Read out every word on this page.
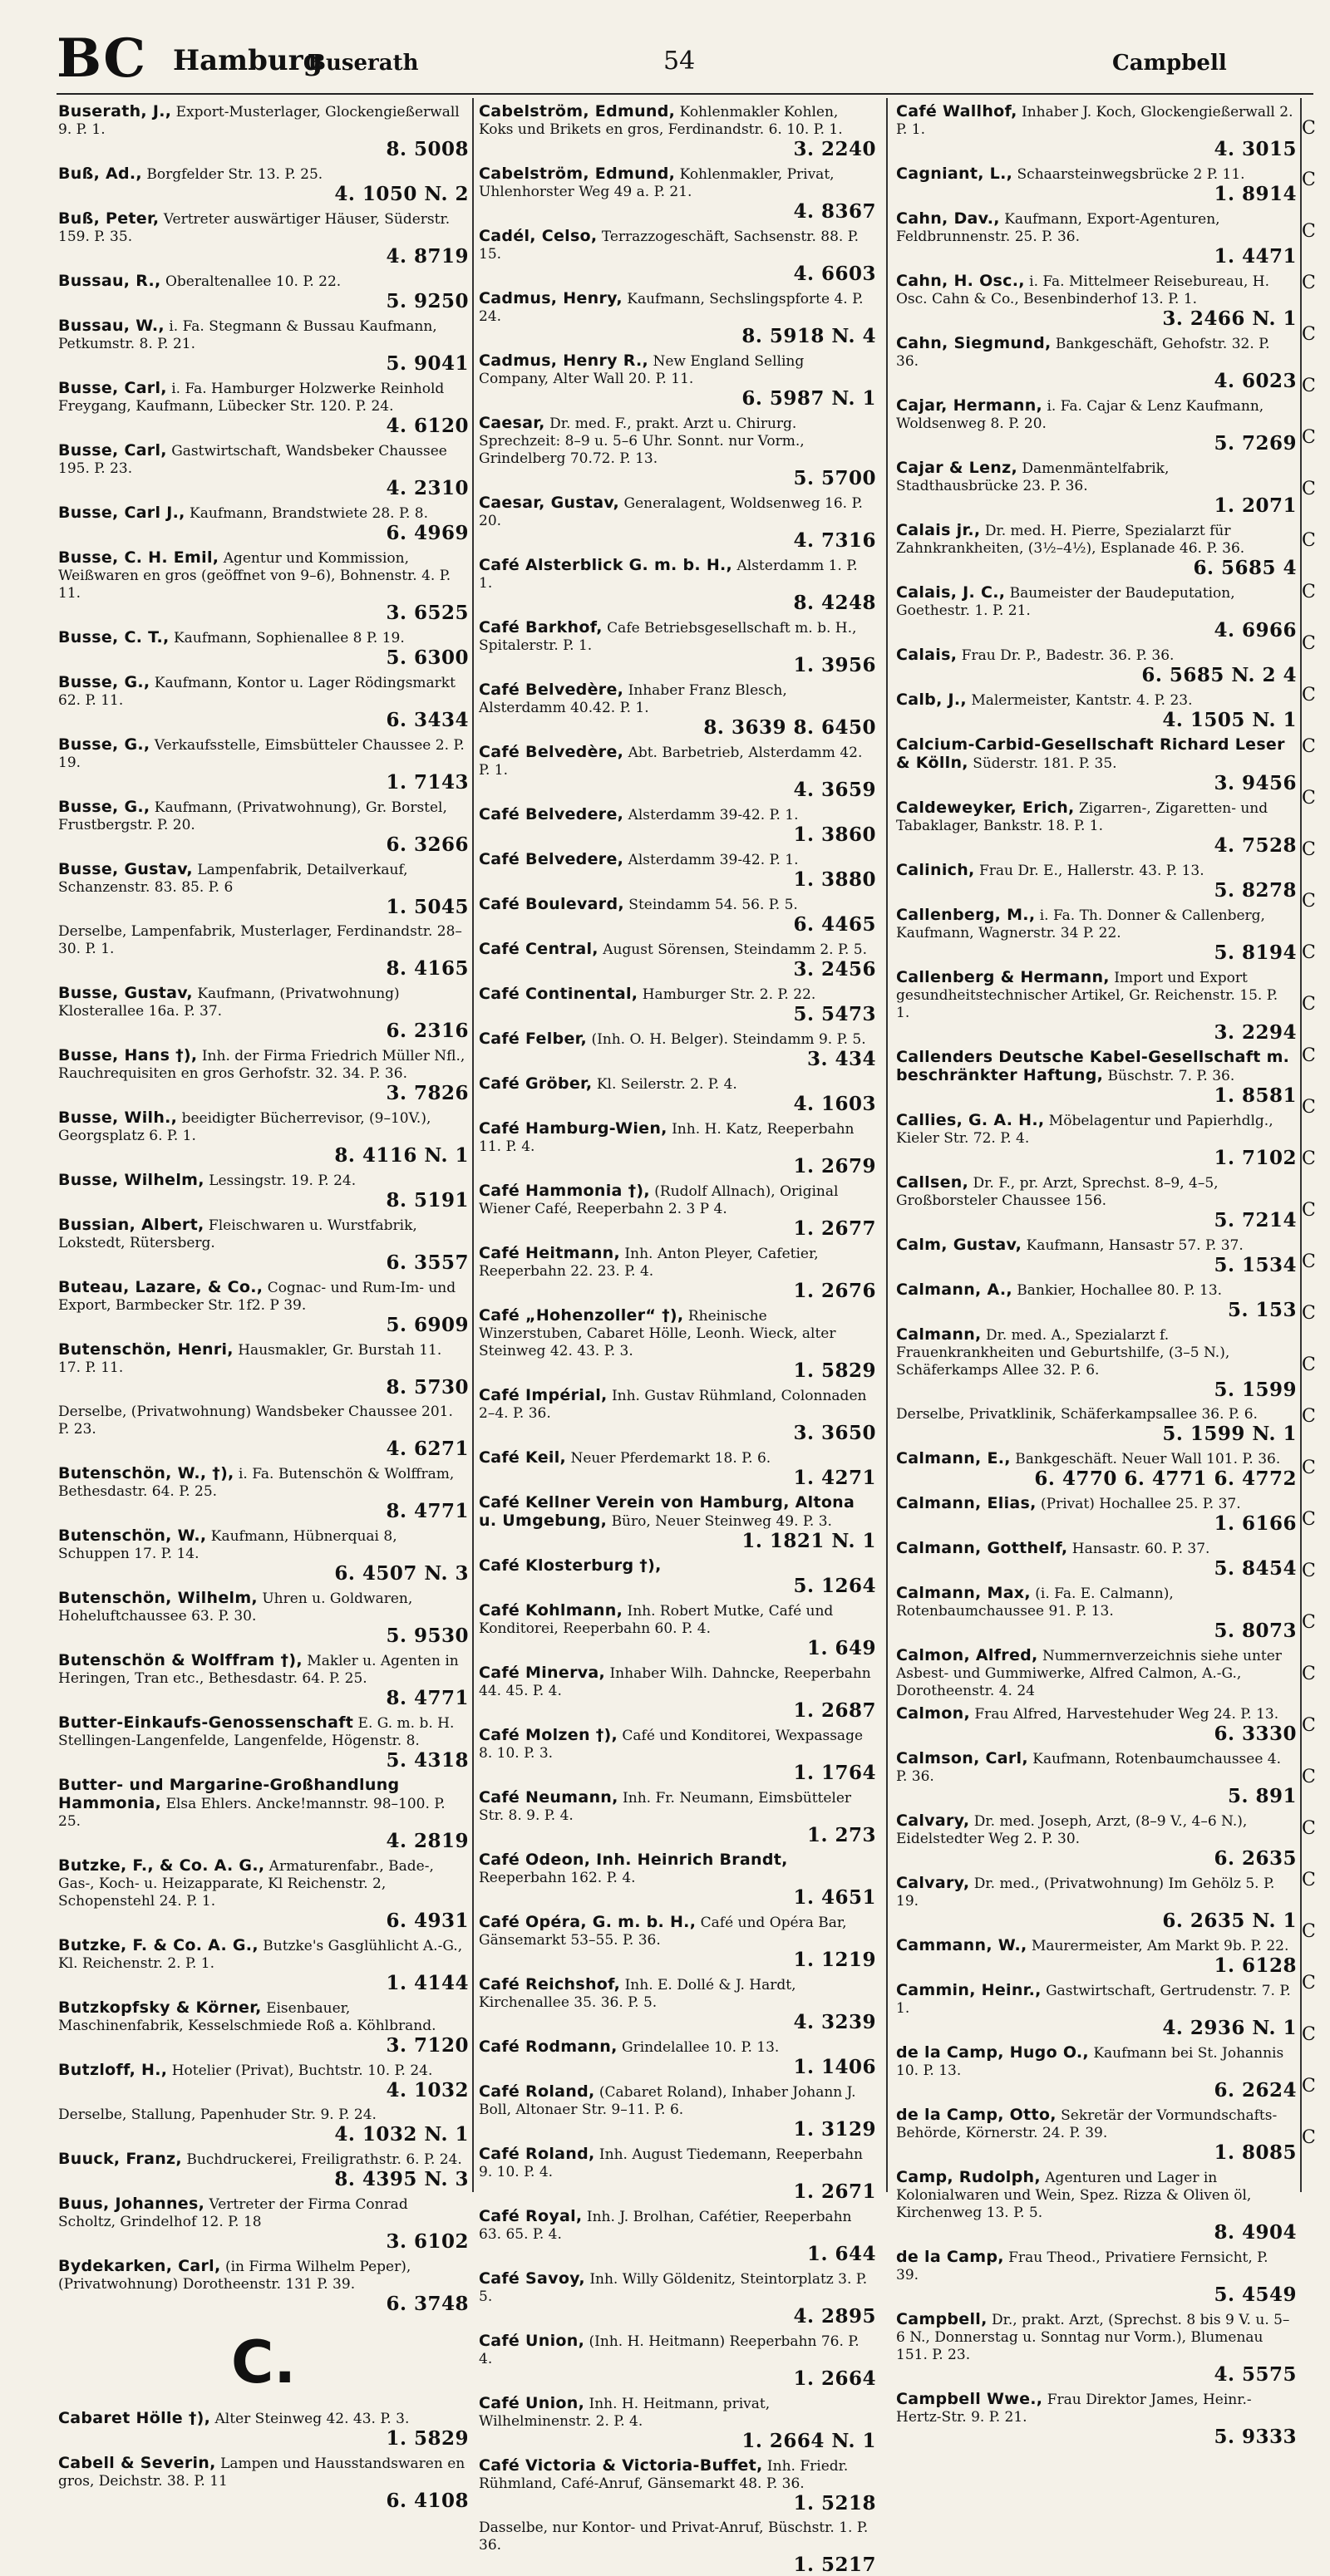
BC Hamburg
Buserath	54	Campbell
Buserath, J., Export-Musterlager, Glockengießerwall 9. P. 1.
8. 5008
Buß, Ad., Borgfelder Str. 13. P. 25.
4. 1050 N. 2
Buß, Peter, Vertreter auswärtiger Häuser, Süderstr. 159. P. 35.
4. 8719
Bussau, R., Oberaltenallee 10. P. 22.
5. 9250
Bussau, W., i. Fa. Stegmann & Bussau Kaufmann, Petkumstr. 8. P. 21.
5. 9041
Busse, Carl, i. Fa. Hamburger Holzwerke Reinhold Freygang, Kaufmann, Lübecker Str. 120. P. 24.
4. 6120
Busse, Carl, Gastwirtschaft, Wandsbeker Chaussee 195. P. 23.
4. 2310
Busse, Carl J., Kaufmann, Brandstwiete 28. P. 8.
6. 4969
Busse, C. H. Emil, Agentur und Kommission, Weißwaren en gros (geöffnet von 9–6), Bohnenstr. 4. P. 11.
3. 6525
Busse, C. T., Kaufmann, Sophienallee 8 P. 19.
5. 6300
Busse, G., Kaufmann, Kontor u. Lager Rödingsmarkt 62. P. 11.
6. 3434
Busse, G., Verkaufsstelle, Eimsbütteler Chaussee 2. P. 19.
1. 7143
Busse, G., Kaufmann, (Privatwohnung), Gr. Borstel, Frustbergstr. P. 20.
6. 3266
Busse, Gustav, Lampenfabrik, Detailverkauf, Schanzenstr. 83. 85. P. 6
1. 5045
Derselbe, Lampenfabrik, Musterlager, Ferdinandstr. 28–30. P. 1.
8. 4165
Busse, Gustav, Kaufmann, (Privatwohnung) Klosterallee 16a. P. 37.
6. 2316
Busse, Hans †), Inh. der Firma Friedrich Müller Nfl., Rauchrequisiten en gros Gerhofstr. 32. 34. P. 36.
3. 7826
Busse, Wilh., beeidigter Bücherrevisor, (9–10V.), Georgsplatz 6. P. 1.
8. 4116 N. 1
Busse, Wilhelm, Lessingstr. 19. P. 24.
8. 5191
Bussian, Albert, Fleischwaren u. Wurstfabrik, Lokstedt, Rütersberg.
6. 3557
Buteau, Lazare, & Co., Cognac- und Rum-Im- und Export, Barmbecker Str. 1f2. P 39.
5. 6909
Butenschön, Henri, Hausmakler, Gr. Burstah 11. 17. P. 11.
8. 5730
Derselbe, (Privatwohnung) Wandsbeker Chaussee 201. P. 23.
4. 6271
Butenschön, W., †), i. Fa. Butenschön & Wolffram, Bethesdastr. 64. P. 25.
8. 4771
Butenschön, W., Kaufmann, Hübnerquai 8, Schuppen 17. P. 14.
6. 4507 N. 3
Butenschön, Wilhelm, Uhren u. Goldwaren, Hoheluftchaussee 63. P. 30.
5. 9530
Butenschön & Wolffram †), Makler u. Agenten in Heringen, Tran etc., Bethesdastr. 64. P. 25.
8. 4771
Butter-Einkaufs-Genossenschaft E. G. m. b. H. Stellingen-Langenfelde, Langenfelde, Högenstr. 8.
5. 4318
Butter- und Margarine-Großhandlung Hammonia, Elsa Ehlers. Ancke!mannstr. 98–100. P. 25.
4. 2819
Butzke, F., & Co. A. G., Armaturenfabr., Bade-, Gas-, Koch- u. Heizapparate, Kl Reichenstr. 2, Schopenstehl 24. P. 1.
6. 4931
Butzke, F. & Co. A. G., Butzke's Gasglühlicht A.-G., Kl. Reichenstr. 2. P. 1.
1. 4144
Butzkopfsky & Körner, Eisenbauer, Maschinenfabrik, Kesselschmiede Roß a. Köhlbrand.
3. 7120
Butzloff, H., Hotelier (Privat), Buchtstr. 10. P. 24.
4. 1032
Derselbe, Stallung, Papenhuder Str. 9. P. 24.
4. 1032 N. 1
Buuck, Franz, Buchdruckerei, Freiligrathstr. 6. P. 24.
8. 4395 N. 3
Buus, Johannes, Vertreter der Firma Conrad Scholtz, Grindelhof 12. P. 18
3. 6102
Bydekarken, Carl, (in Firma Wilhelm Peper), (Privatwohnung) Dorotheenstr. 131 P. 39.
6. 3748
C.
Cabaret Hölle †), Alter Steinweg 42. 43. P. 3.
1. 5829
Cabell & Severin, Lampen und Hausstandswaren en gros, Deichstr. 38. P. 11
6. 4108
Cabelström, Edmund, Kohlenmakler Kohlen, Koks und Brikets en gros, Ferdinandstr. 6. 10. P. 1.
3. 2240
Cabelström, Edmund, Kohlenmakler, Privat, Uhlenhorster Weg 49 a. P. 21.
4. 8367
Cadél, Celso, Terrazzogeschäft, Sachsenstr. 88. P. 15.
4. 6603
Cadmus, Henry, Kaufmann, Sechslingspforte 4. P. 24.
8. 5918 N. 4
Cadmus, Henry R., New England Selling Company, Alter Wall 20. P. 11.
6. 5987 N. 1
Caesar, Dr. med. F., prakt. Arzt u. Chirurg. Sprechzeit: 8–9 u. 5–6 Uhr. Sonnt. nur Vorm., Grindelberg 70.72. P. 13.
5. 5700
Caesar, Gustav, Generalagent, Woldsenweg 16. P. 20.
4. 7316
Café Alsterblick G. m. b. H., Alsterdamm 1. P. 1.
8. 4248
Café Barkhof, Cafe Betriebsgesellschaft m. b. H., Spitalerstr. P. 1.
1. 3956
Café Belvedère, Inhaber Franz Blesch, Alsterdamm 40.42. P. 1.
8. 3639 8. 6450
Café Belvedère, Abt. Barbetrieb, Alsterdamm 42. P. 1.
4. 3659
Café Belvedere, Alsterdamm 39-42. P. 1.
1. 3860
Café Belvedere, Alsterdamm 39-42. P. 1.
1. 3880
Café Boulevard, Steindamm 54. 56. P. 5.
6. 4465
Café Central, August Sörensen, Steindamm 2. P. 5.
3. 2456
Café Continental, Hamburger Str. 2. P. 22.
5. 5473
Café Felber, (Inh. O. H. Belger). Steindamm 9. P. 5.
3. 434
Café Gröber, Kl. Seilerstr. 2. P. 4.
4. 1603
Café Hamburg-Wien, Inh. H. Katz, Reeperbahn 11. P. 4.
1. 2679
Café Hammonia †), (Rudolf Allnach), Original Wiener Café, Reeperbahn 2. 3 P 4.
1. 2677
Café Heitmann, Inh. Anton Pleyer, Cafetier, Reeperbahn 22. 23. P. 4.
1. 2676
Café „Hohenzoller“ †), Rheinische Winzerstuben, Cabaret Hölle, Leonh. Wieck, alter Steinweg 42. 43. P. 3.
1. 5829
Café Impérial, Inh. Gustav Rühmland, Colonnaden 2–4. P. 36.
3. 3650
Café Keil, Neuer Pferdemarkt 18. P. 6.
1. 4271
Café Kellner Verein von Hamburg, Altona u. Umgebung, Büro, Neuer Steinweg 49. P. 3.
1. 1821 N. 1
Café Klosterburg †),
5. 1264
Café Kohlmann, Inh. Robert Mutke, Café und Konditorei, Reeperbahn 60. P. 4.
1. 649
Café Minerva, Inhaber Wilh. Dahncke, Reeperbahn 44. 45. P. 4.
1. 2687
Café Molzen †), Café und Konditorei, Wexpassage 8. 10. P. 3.
1. 1764
Café Neumann, Inh. Fr. Neumann, Eimsbütteler Str. 8. 9. P. 4.
1. 273
Café Odeon, Inh. Heinrich Brandt, Reeperbahn 162. P. 4.
1. 4651
Café Opéra, G. m. b. H., Café und Opéra Bar, Gänsemarkt 53–55. P. 36.
1. 1219
Café Reichshof, Inh. E. Dollé & J. Hardt, Kirchenallee 35. 36. P. 5.
4. 3239
Café Rodmann, Grindelallee 10. P. 13.
1. 1406
Café Roland, (Cabaret Roland), Inhaber Johann J. Boll, Altonaer Str. 9–11. P. 6.
1. 3129
Café Roland, Inh. August Tiedemann, Reeperbahn 9. 10. P. 4.
1. 2671
Café Royal, Inh. J. Brolhan, Cafétier, Reeperbahn 63. 65. P. 4.
1. 644
Café Savoy, Inh. Willy Göldenitz, Steintorplatz 3. P. 5.
4. 2895
Café Union, (Inh. H. Heitmann) Reeperbahn 76. P. 4.
1. 2664
Café Union, Inh. H. Heitmann, privat, Wilhelminenstr. 2. P. 4.
1. 2664 N. 1
Café Victoria & Victoria-Buffet, Inh. Friedr. Rühmland, Café-Anruf, Gänsemarkt 48. P. 36.
1. 5218
Dasselbe, nur Kontor- und Privat-Anruf, Büschstr. 1. P. 36.
1. 5217
Café Wallhof, Inhaber J. Koch, Glockengießerwall 2. P. 1.
4. 3015
Cagniant, L., Schaarsteinwegsbrücke 2 P. 11.
1. 8914
Cahn, Dav., Kaufmann, Export-Agenturen, Feldbrunnenstr. 25. P. 36.
1. 4471
Cahn, H. Osc., i. Fa. Mittelmeer Reisebureau, H. Osc. Cahn & Co., Besenbinderhof 13. P. 1.
3. 2466 N. 1
Cahn, Siegmund, Bankgeschäft, Gehofstr. 32. P. 36.
4. 6023
Cajar, Hermann, i. Fa. Cajar & Lenz Kaufmann, Woldsenweg 8. P. 20.
5. 7269
Cajar & Lenz, Damenmäntelfabrik, Stadthausbrücke 23. P. 36.
1. 2071
Calais jr., Dr. med. H. Pierre, Spezialarzt für Zahnkrankheiten, (3½–4½), Esplanade 46. P. 36.
6. 5685 4
Calais, J. C., Baumeister der Baudeputation, Goethestr. 1. P. 21.
4. 6966
Calais, Frau Dr. P., Badestr. 36. P. 36.
6. 5685 N. 2 4
Calb, J., Malermeister, Kantstr. 4. P. 23.
4. 1505 N. 1
Calcium-Carbid-Gesellschaft Richard Leser & Kölln, Süderstr. 181. P. 35.
3. 9456
Caldeweyker, Erich, Zigarren-, Zigaretten- und Tabaklager, Bankstr. 18. P. 1.
4. 7528
Calinich, Frau Dr. E., Hallerstr. 43. P. 13.
5. 8278
Callenberg, M., i. Fa. Th. Donner & Callenberg, Kaufmann, Wagnerstr. 34 P. 22.
5. 8194
Callenberg & Hermann, Import und Export gesundheitstechnischer Artikel, Gr. Reichenstr. 15. P. 1.
3. 2294
Callenders Deutsche Kabel-Gesellschaft m. beschränkter Haftung, Büschstr. 7. P. 36.
1. 8581
Callies, G. A. H., Möbelagentur und Papierhdlg., Kieler Str. 72. P. 4.
1. 7102
Callsen, Dr. F., pr. Arzt, Sprechst. 8–9, 4–5, Großborsteler Chaussee 156.
5. 7214
Calm, Gustav, Kaufmann, Hansastr 57. P. 37.
5. 1534
Calmann, A., Bankier, Hochallee 80. P. 13.
5. 153
Calmann, Dr. med. A., Spezialarzt f. Frauenkrankheiten und Geburtshilfe, (3–5 N.), Schäferkamps Allee 32. P. 6.
5. 1599
Derselbe, Privatklinik, Schäferkampsallee 36. P. 6.
5. 1599 N. 1
Calmann, E., Bankgeschäft. Neuer Wall 101. P. 36.
6. 4770 6. 4771 6. 4772
Calmann, Elias, (Privat) Hochallee 25. P. 37.
1. 6166
Calmann, Gotthelf, Hansastr. 60. P. 37.
5. 8454
Calmann, Max, (i. Fa. E. Calmann), Rotenbaumchaussee 91. P. 13.
5. 8073
Calmon, Alfred, Nummernverzeichnis siehe unter Asbest- und Gummiwerke, Alfred Calmon, A.-G., Dorotheenstr. 4. 24
Calmon, Frau Alfred, Harvestehuder Weg 24. P. 13.
6. 3330
Calmson, Carl, Kaufmann, Rotenbaumchaussee 4. P. 36.
5. 891
Calvary, Dr. med. Joseph, Arzt, (8–9 V., 4–6 N.), Eidelstedter Weg 2. P. 30.
6. 2635
Calvary, Dr. med., (Privatwohnung) Im Gehölz 5. P. 19.
6. 2635 N. 1
Cammann, W., Maurermeister, Am Markt 9b. P. 22.
1. 6128
Cammin, Heinr., Gastwirtschaft, Gertrudenstr. 7. P. 1.
4. 2936 N. 1
de la Camp, Hugo O., Kaufmann bei St. Johannis 10. P. 13.
6. 2624
de la Camp, Otto, Sekretär der Vormundschafts-Behörde, Körnerstr. 24. P. 39.
1. 8085
Camp, Rudolph, Agenturen und Lager in Kolonialwaren und Wein, Spez. Rizza & Oliven öl, Kirchenweg 13. P. 5.
8. 4904
de la Camp, Frau Theod., Privatiere Fernsicht, P. 39.
5. 4549
Campbell, Dr., prakt. Arzt, (Sprechst. 8 bis 9 V. u. 5–6 N., Donnerstag u. Sonntag nur Vorm.), Blumenau 151. P. 23.
4. 5575
Campbell Wwe., Frau Direktor James, Heinr.-Hertz-Str. 9. P. 21.
5. 9333
C
C
C
C
C
C
C
C
C
C
C
C
C
C
C
C
C
C
C
C
C
C
C
C
C
C
C
C
C
C
C
C
C
C
C
C
C
C
C
C
